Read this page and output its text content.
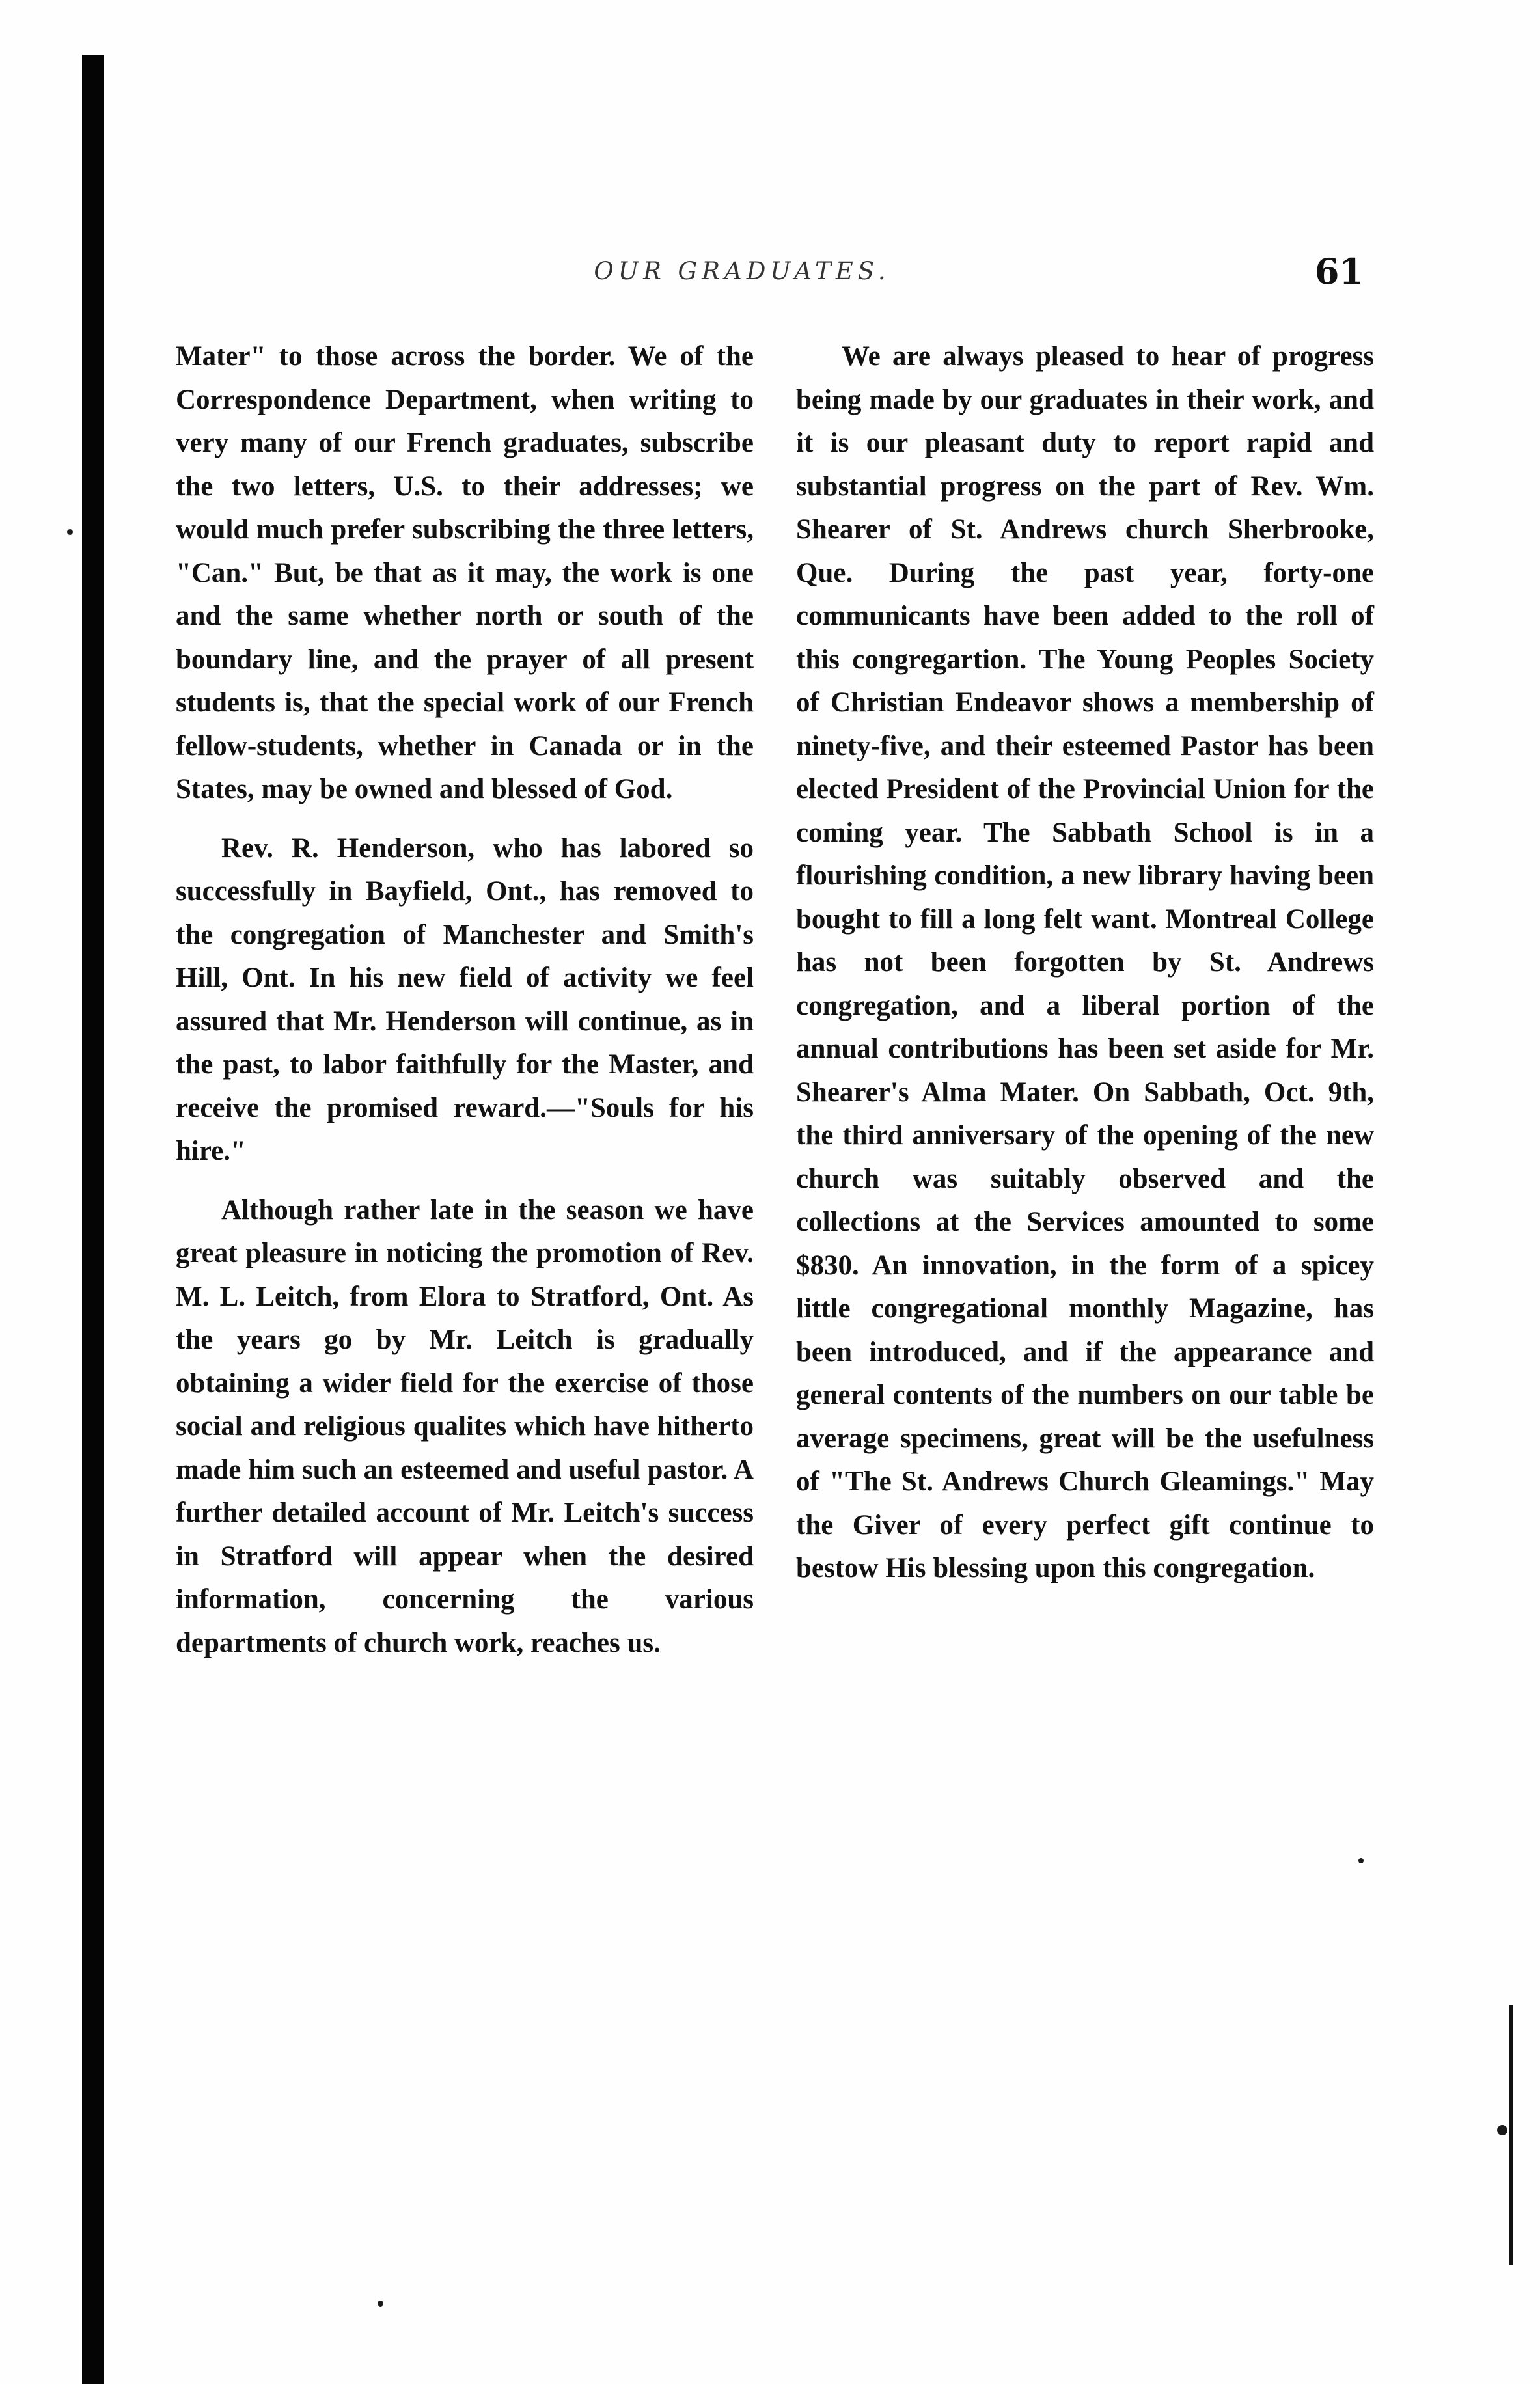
OUR GRADUATES.	61

Mater" to those across the border. We of the Correspondence Department, when writing to very many of our French graduates, subscribe the two letters, U.S. to their addresses; we would much prefer subscribing the three letters, "Can." But, be that as it may, the work is one and the same whether north or south of the boundary line, and the prayer of all present students is, that the special work of our French fellow-students, whether in Canada or in the States, may be owned and blessed of God.

Rev. R. Henderson, who has labored so successfully in Bayfield, Ont., has removed to the congregation of Manchester and Smith's Hill, Ont. In his new field of activity we feel assured that Mr. Henderson will continue, as in the past, to labor faithfully for the Master, and receive the promised reward.—"Souls for his hire."

Although rather late in the season we have great pleasure in noticing the promotion of Rev. M. L. Leitch, from Elora to Stratford, Ont. As the years go by Mr. Leitch is gradually obtaining a wider field for the exercise of those social and religious qualites which have hitherto made him such an esteemed and useful pastor. A further detailed account of Mr. Leitch's success in Stratford will appear when the desired information, concerning the various departments of church work, reaches us.

We are always pleased to hear of progress being made by our graduates in their work, and it is our pleasant duty to report rapid and substantial progress on the part of Rev. Wm. Shearer of St. Andrews church Sherbrooke, Que. During the past year, forty-one communicants have been added to the roll of this congregartion. The Young Peoples Society of Christian Endeavor shows a membership of ninety-five, and their esteemed Pastor has been elected President of the Provincial Union for the coming year. The Sabbath School is in a flourishing condition, a new library having been bought to fill a long felt want. Montreal College has not been forgotten by St. Andrews congregation, and a liberal portion of the annual contributions has been set aside for Mr. Shearer's Alma Mater. On Sabbath, Oct. 9th, the third anniversary of the opening of the new church was suitably observed and the collections at the Services amounted to some $830. An innovation, in the form of a spicey little congregational monthly Magazine, has been introduced, and if the appearance and general contents of the numbers on our table be average specimens, great will be the usefulness of "The St. Andrews Church Gleamings." May the Giver of every perfect gift continue to bestow His blessing upon this congregation.
